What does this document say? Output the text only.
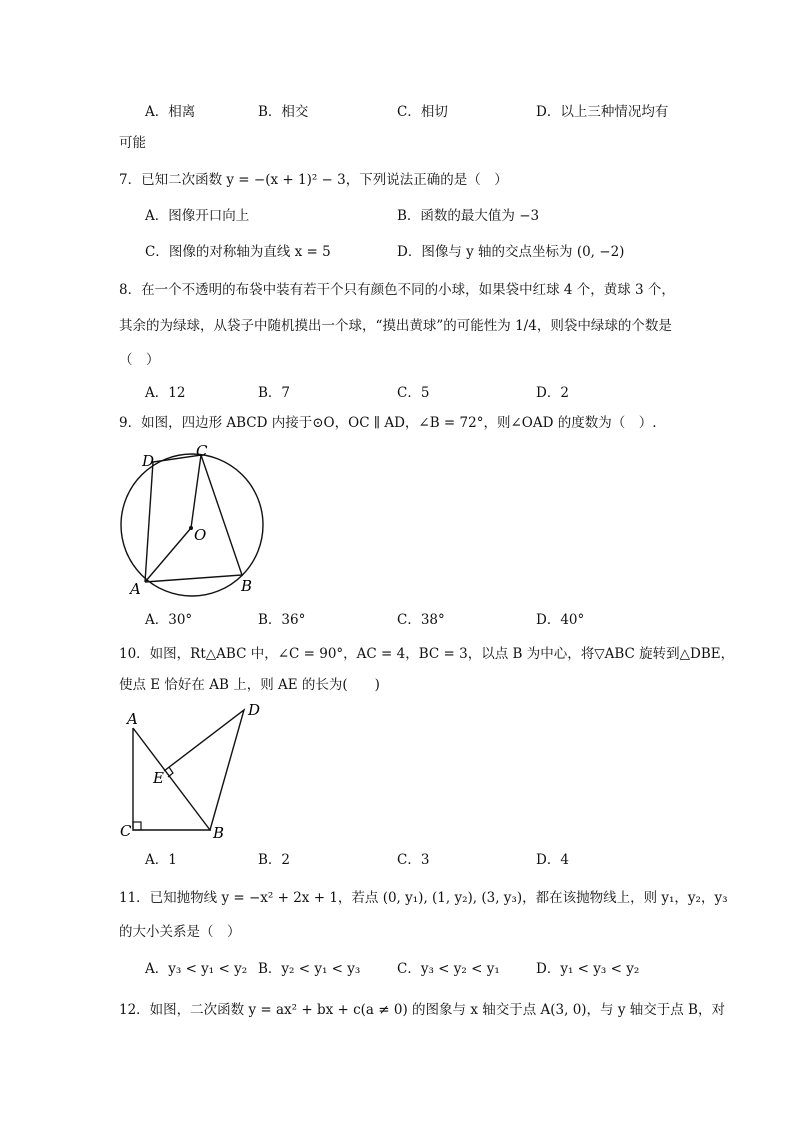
A．相离	B．相交	C．相切	D．以上三种情况均有
可能
7．已知二次函数 y = −(x + 1)² − 3，下列说法正确的是（　）
A．图像开口向上	B．函数的最大值为 −3
C．图像的对称轴为直线 x = 5	D．图像与 y 轴的交点坐标为 (0, −2)
8．在一个不透明的布袋中装有若干个只有颜色不同的小球，如果袋中红球 4 个，黄球 3 个，
其余的为绿球，从袋子中随机摸出一个球，“摸出黄球”的可能性为 1/4，则袋中绿球的个数是
（　）
A．12	B．7	C．5	D．2
9．如图，四边形 ABCD 内接于⊙O，OC ∥ AD，∠B = 72°，则∠OAD 的度数为（　）.
D
C
O
A	B
A．30°	B．36°	C．38°	D．40°
10．如图，Rt△ABC 中，∠C = 90°，AC = 4，BC = 3，以点 B 为中心，将▽ABC 旋转到△DBE，
使点 E 恰好在 AB 上，则 AE 的长为(　　)
A	D
E
C	B
A．1	B．2	C．3	D．4
11．已知抛物线 y = −x² + 2x + 1，若点 (0, y₁), (1, y₂), (3, y₃)，都在该抛物线上，则 y₁，y₂，y₃
的大小关系是（　）
A．y₃ < y₁ < y₂ B．y₂ < y₁ < y₃	C．y₃ < y₂ < y₁	D．y₁ < y₃ < y₂
12．如图，二次函数 y = ax² + bx + c(a ≠ 0) 的图象与 x 轴交于点 A(3, 0)，与 y 轴交于点 B，对
